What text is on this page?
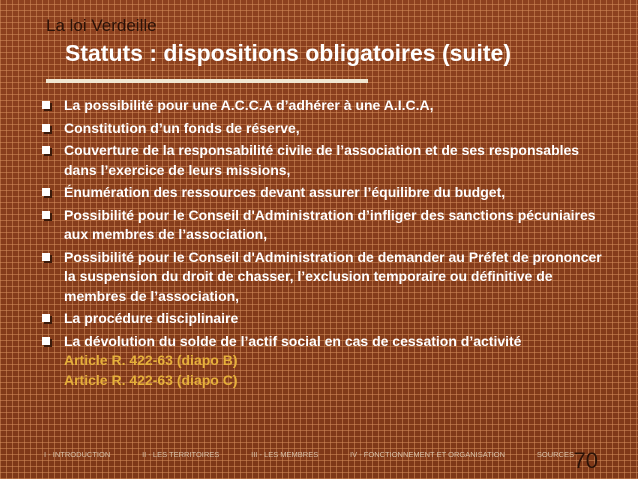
La loi Verdeille
Statuts : dispositions obligatoires (suite)
La possibilité pour une A.C.C.A d’adhérer à une A.I.C.A,
Constitution d’un fonds de réserve,
Couverture de la responsabilité civile de l’association et de ses responsables dans l’exercice de leurs missions,
Énumération des ressources devant assurer l’équilibre du budget,
Possibilité pour le Conseil d'Administration d’infliger des sanctions pécuniaires aux membres de l’association,
Possibilité pour le Conseil d'Administration de demander au Préfet de prononcer la suspension du droit de chasser, l’exclusion temporaire ou définitive de membres de l’association,
La procédure disciplinaire
La dévolution du solde de l’actif social en cas de cessation d’activité
Article R. 422-63 (diapo B)
Article R. 422-63 (diapo C)
I - INTRODUCTION	II - LES TERRITOIRES	III - LES MEMBRES	IV - FONCTIONNEMENT ET ORGANISATION	SOURCES 70
